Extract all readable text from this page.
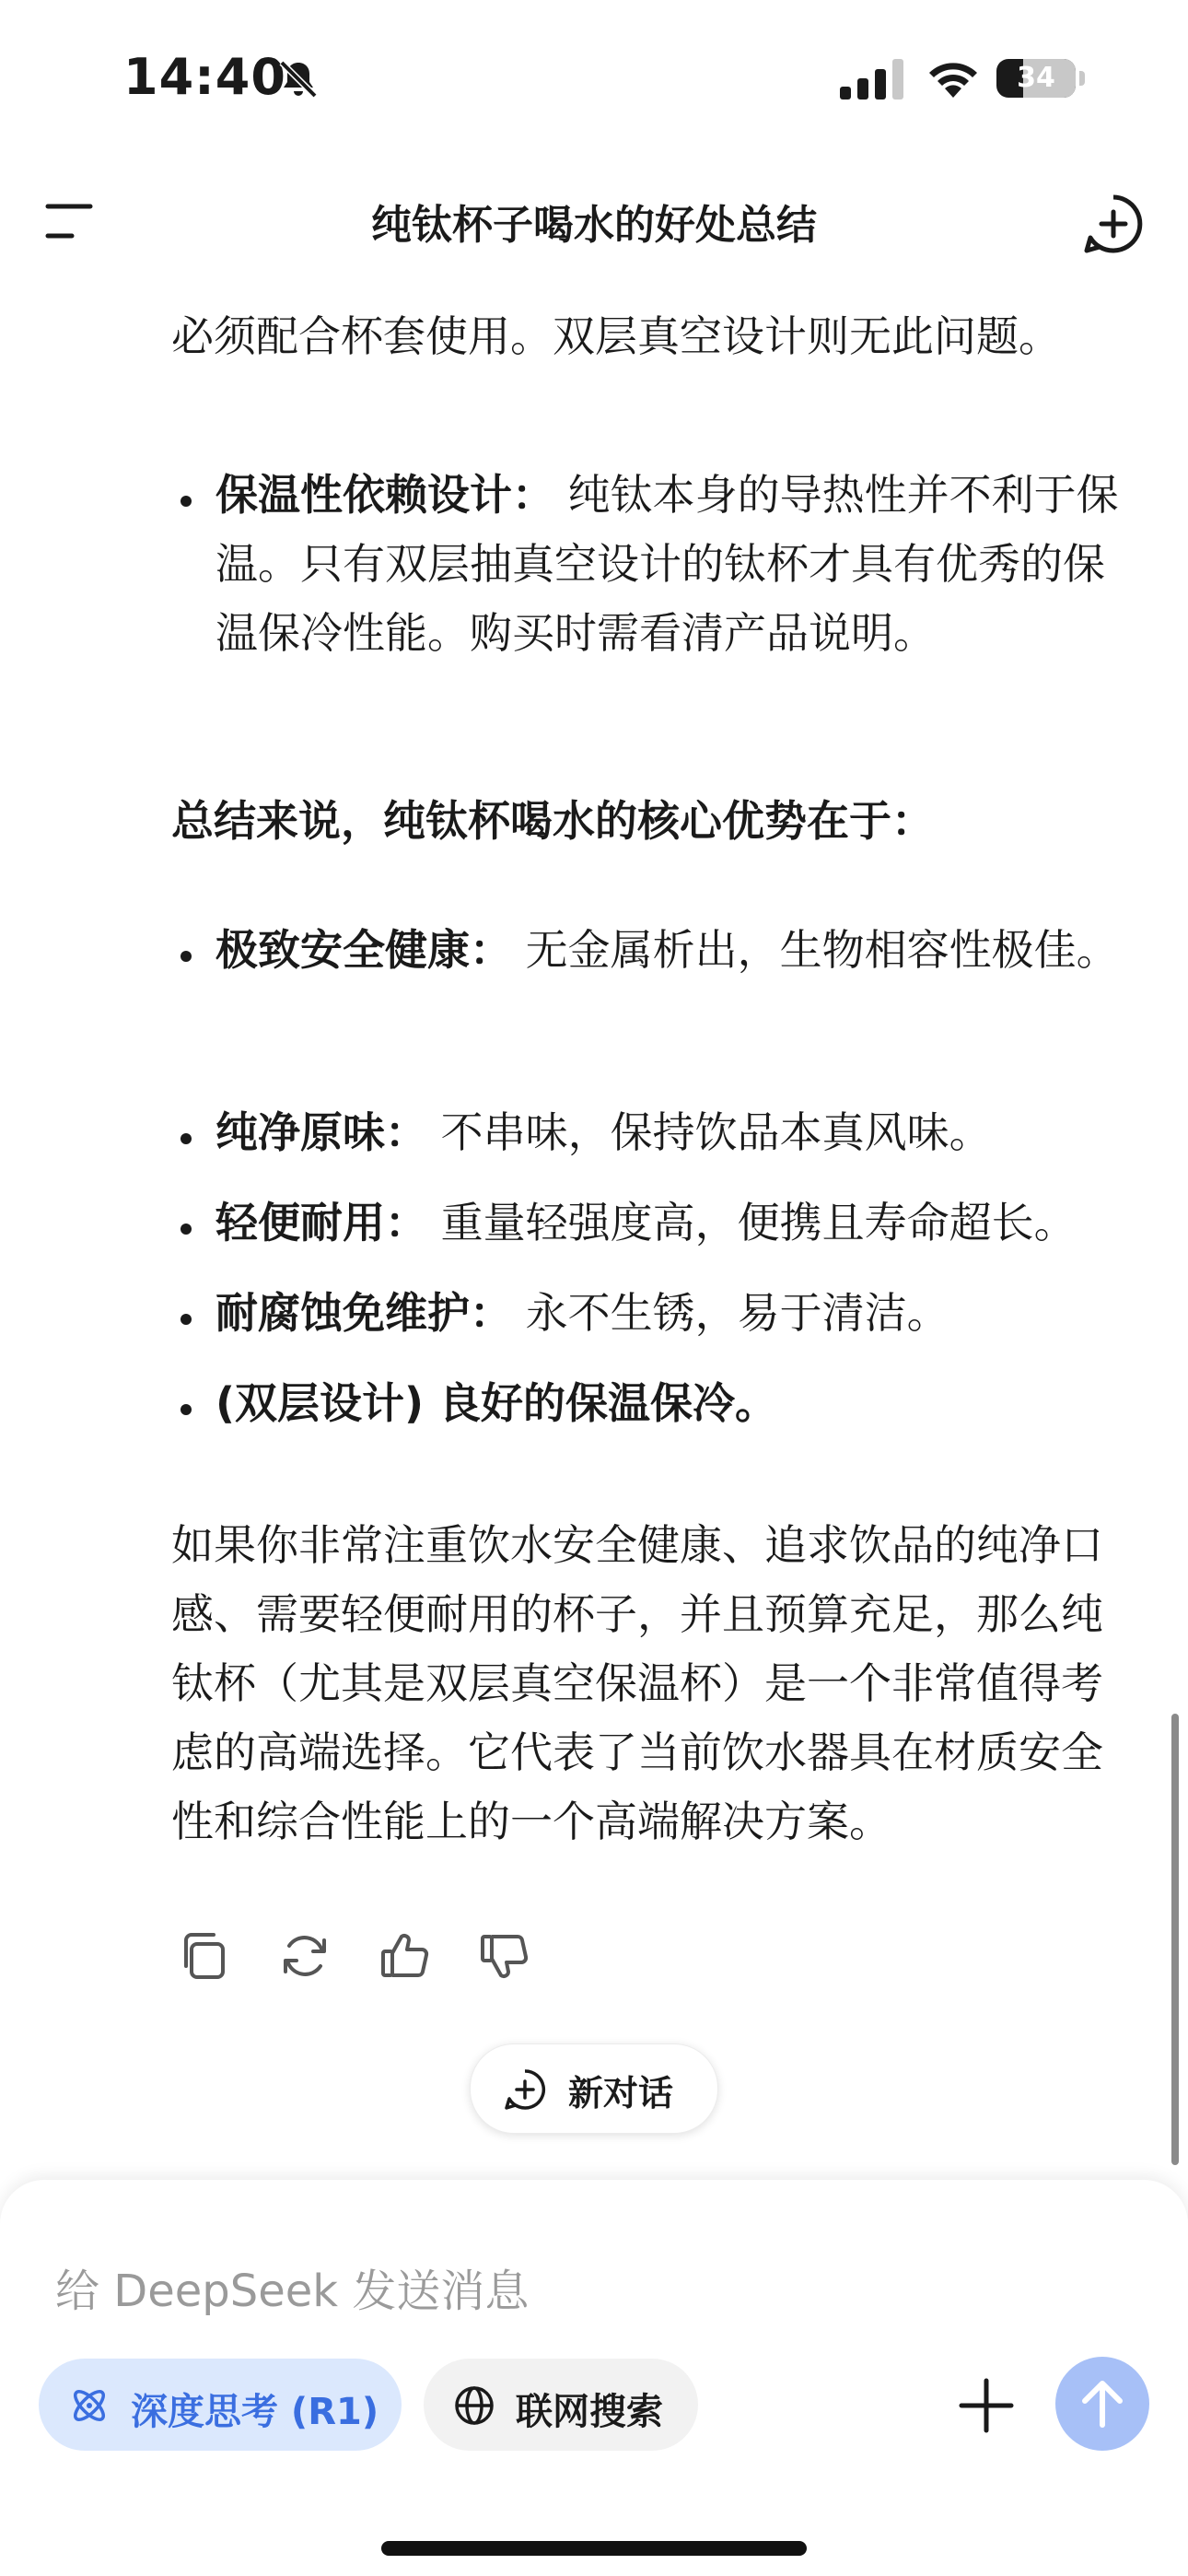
14:40	34
必须配合杯套使用。双层真空设计则无此问题。
保温性依赖设计： 纯钛本身的导热性并不利于保温。只有双层抽真空设计的钛杯才具有优秀的保温保冷性能。购买时需看清产品说明。
总结来说，纯钛杯喝水的核心优势在于：
极致安全健康： 无金属析出，生物相容性极佳。
纯净原味： 不串味，保持饮品本真风味。
轻便耐用： 重量轻强度高，便携且寿命超长。
耐腐蚀免维护： 永不生锈，易于清洁。
(双层设计) 良好的保温保冷。
如果你非常注重饮水安全健康、追求饮品的纯净口感、需要轻便耐用的杯子，并且预算充足，那么纯钛杯（尤其是双层真空保温杯）是一个非常值得考虑的高端选择。它代表了当前饮水器具在材质安全性和综合性能上的一个高端解决方案。
纯钛杯子喝水的好处总结
新对话
给 DeepSeek 发送消息
深度思考 (R1)	联网搜索
